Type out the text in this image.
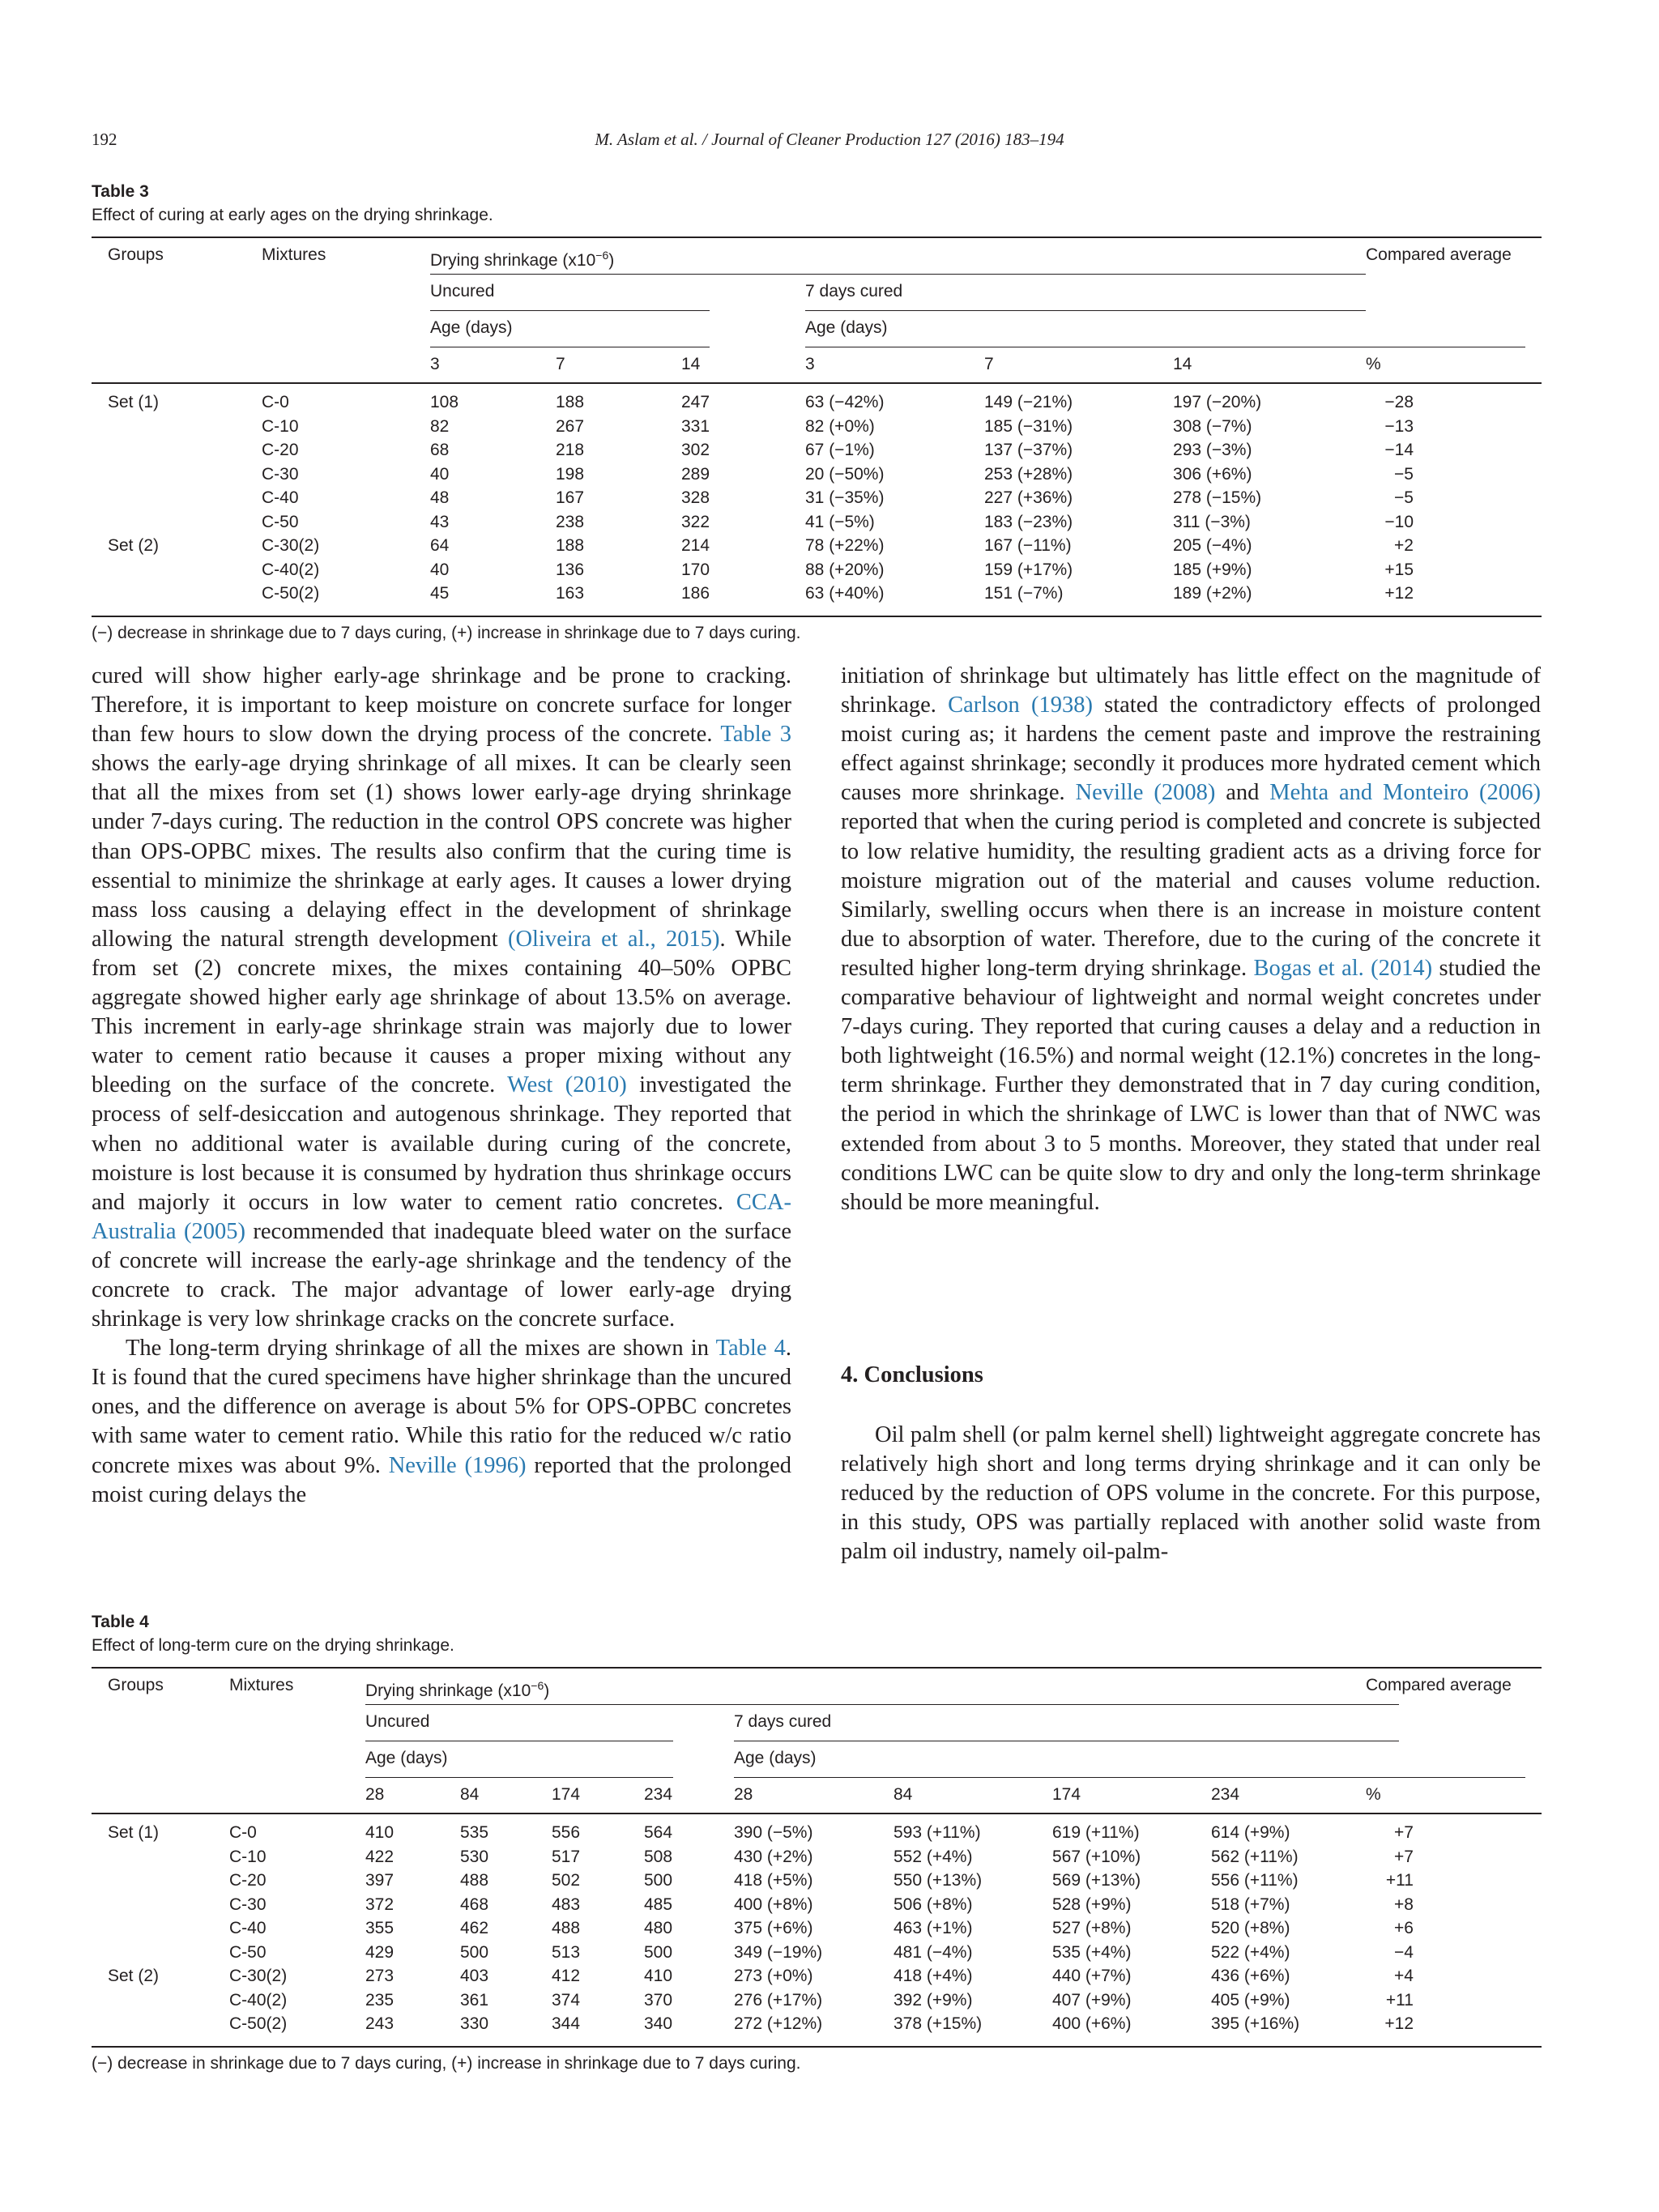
192	M. Aslam et al. / Journal of Cleaner Production 127 (2016) 183–194
Table 3
Effect of curing at early ages on the drying shrinkage.
Groups	Mixtures	Drying shrinkage $(x10^{-6})$	Compared average
Uncured	7 days cured
Age (days)	Age (days)
3	7	14	3	7	14	%
Set (1)	C-0	108	188	247	63 (−42%)	149 (−21%)	197 (−20%)	−28
C-10	82	267	331	82 (+0%)	185 (−31%)	308 (−7%)	−13
C-20	68	218	302	67 (−1%)	137 (−37%)	293 (−3%)	−14
C-30	40	198	289	20 (−50%)	253 (+28%)	306 (+6%)	−5
C-40	48	167	328	31 (−35%)	227 (+36%)	278 (−15%)	−5
C-50	43	238	322	41 (−5%)	183 (−23%)	311 (−3%)	−10
Set (2)	C-30(2)	64	188	214	78 (+22%)	167 (−11%)	205 (−4%)	+2
C-40(2)	40	136	170	88 (+20%)	159 (+17%)	185 (+9%)	+15
C-50(2)	45	163	186	63 (+40%)	151 (−7%)	189 (+2%)	+12
(−) decrease in shrinkage due to 7 days curing, (+) increase in shrinkage due to 7 days curing.

cured will show higher early-age shrinkage and be prone to cracking. Therefore, it is important to keep moisture on concrete surface for longer than few hours to slow down the drying process of the concrete. Table 3 shows the early-age drying shrinkage of all mixes. It can be clearly seen that all the mixes from set (1) shows lower early-age drying shrinkage under 7-days curing. The reduction in the control OPS concrete was higher than OPS-OPBC mixes. The results also confirm that the curing time is essential to minimize the shrinkage at early ages. It causes a lower drying mass loss causing a delaying effect in the development of shrinkage allowing the natural strength development (Oliveira et al., 2015). While from set (2) concrete mixes, the mixes containing 40–50% OPBC aggregate showed higher early age shrinkage of about 13.5% on average. This increment in early-age shrinkage strain was majorly due to lower water to cement ratio because it causes a proper mixing without any bleeding on the surface of the concrete. West (2010) investigated the process of self-desiccation and autogenous shrinkage. They reported that when no additional water is available during curing of the concrete, moisture is lost because it is consumed by hydration thus shrinkage occurs and majorly it occurs in low water to cement ratio concretes. CCA-Australia (2005) recommended that inadequate bleed water on the surface of concrete will increase the early-age shrinkage and the tendency of the concrete to crack. The major advantage of lower early-age drying shrinkage is very low shrinkage cracks on the concrete surface.

The long-term drying shrinkage of all the mixes are shown in Table 4. It is found that the cured specimens have higher shrinkage than the uncured ones, and the difference on average is about 5% for OPS-OPBC concretes with same water to cement ratio. While this ratio for the reduced w/c ratio concrete mixes was about 9%. Neville (1996) reported that the prolonged moist curing delays the

initiation of shrinkage but ultimately has little effect on the magnitude of shrinkage. Carlson (1938) stated the contradictory effects of prolonged moist curing as; it hardens the cement paste and improve the restraining effect against shrinkage; secondly it produces more hydrated cement which causes more shrinkage. Neville (2008) and Mehta and Monteiro (2006) reported that when the curing period is completed and concrete is subjected to low relative humidity, the resulting gradient acts as a driving force for moisture migration out of the material and causes volume reduction. Similarly, swelling occurs when there is an increase in moisture content due to absorption of water. Therefore, due to the curing of the concrete it resulted higher long-term drying shrinkage. Bogas et al. (2014) studied the comparative behaviour of lightweight and normal weight concretes under 7-days curing. They reported that curing causes a delay and a reduction in both lightweight (16.5%) and normal weight (12.1%) concretes in the long-term shrinkage. Further they demonstrated that in 7 day curing condition, the period in which the shrinkage of LWC is lower than that of NWC was extended from about 3 to 5 months. Moreover, they stated that under real conditions LWC can be quite slow to dry and only the long-term shrinkage should be more meaningful.

4. Conclusions

Oil palm shell (or palm kernel shell) lightweight aggregate concrete has relatively high short and long terms drying shrinkage and it can only be reduced by the reduction of OPS volume in the concrete. For this purpose, in this study, OPS was partially replaced with another solid waste from palm oil industry, namely oil-palm-

Table 4
Effect of long-term cure on the drying shrinkage.
Groups	Mixtures	Drying shrinkage $(x10^{-6})$	Compared average
Uncured	7 days cured
Age (days)	Age (days)
28	84	174	234	28	84	174	234	%
Set (1)	C-0	410	535	556	564	390 (−5%)	593 (+11%)	619 (+11%)	614 (+9%)	+7
C-10	422	530	517	508	430 (+2%)	552 (+4%)	567 (+10%)	562 (+11%)	+7
C-20	397	488	502	500	418 (+5%)	550 (+13%)	569 (+13%)	556 (+11%)	+11
C-30	372	468	483	485	400 (+8%)	506 (+8%)	528 (+9%)	518 (+7%)	+8
C-40	355	462	488	480	375 (+6%)	463 (+1%)	527 (+8%)	520 (+8%)	+6
C-50	429	500	513	500	349 (−19%)	481 (−4%)	535 (+4%)	522 (+4%)	−4
Set (2)	C-30(2)	273	403	412	410	273 (+0%)	418 (+4%)	440 (+7%)	436 (+6%)	+4
C-40(2)	235	361	374	370	276 (+17%)	392 (+9%)	407 (+9%)	405 (+9%)	+11
C-50(2)	243	330	344	340	272 (+12%)	378 (+15%)	400 (+6%)	395 (+16%)	+12
(−) decrease in shrinkage due to 7 days curing, (+) increase in shrinkage due to 7 days curing.
